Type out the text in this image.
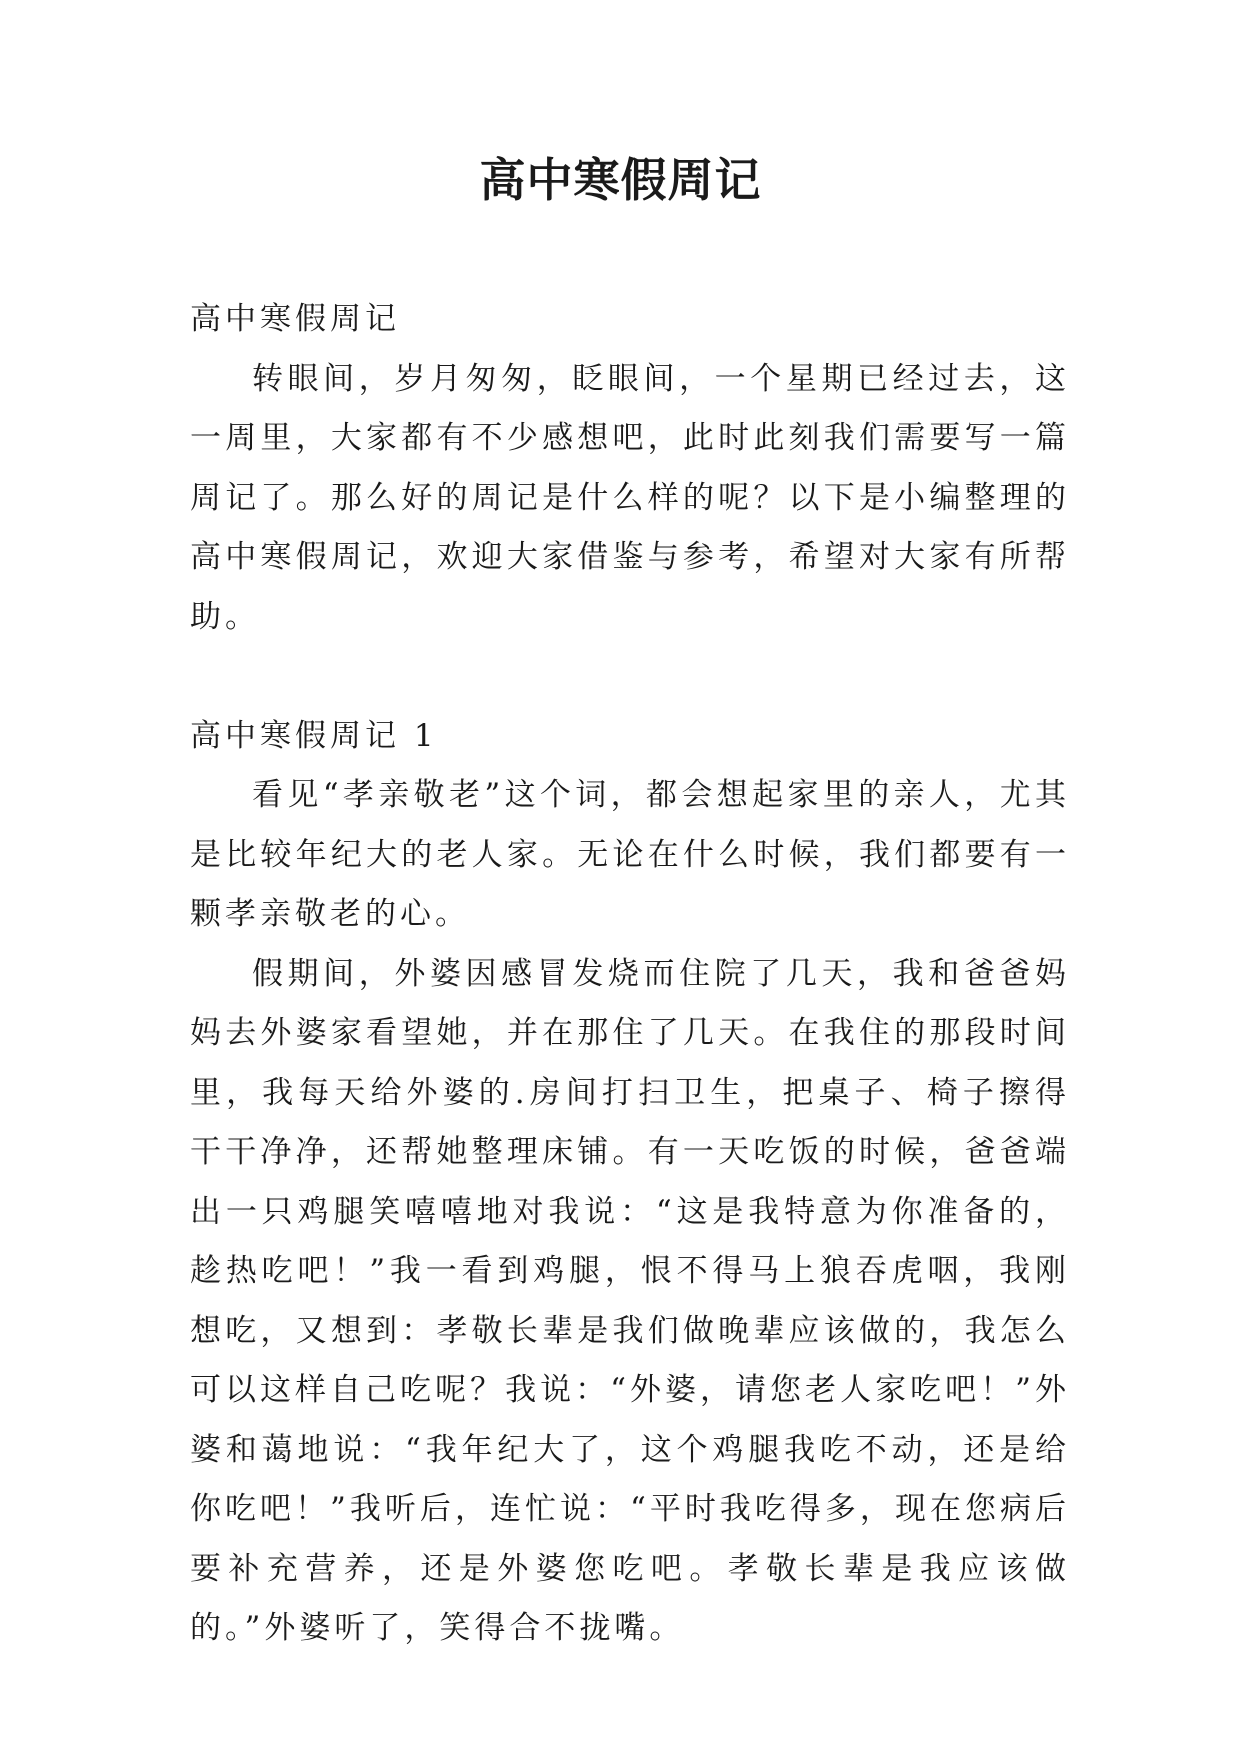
高中寒假周记

高中寒假周记

转眼间，岁月匆匆，眨眼间，一个星期已经过去，这一周里，大家都有不少感想吧，此时此刻我们需要写一篇周记了。那么好的周记是什么样的呢？以下是小编整理的高中寒假周记，欢迎大家借鉴与参考，希望对大家有所帮助。

高中寒假周记 1

看见“孝亲敬老”这个词，都会想起家里的亲人，尤其是比较年纪大的老人家。无论在什么时候，我们都要有一颗孝亲敬老的心。

假期间，外婆因感冒发烧而住院了几天，我和爸爸妈妈去外婆家看望她，并在那住了几天。在我住的那段时间里，我每天给外婆的.房间打扫卫生，把桌子、椅子擦得干干净净，还帮她整理床铺。有一天吃饭的时候，爸爸端出一只鸡腿笑嘻嘻地对我说：“这是我特意为你准备的，趁热吃吧！”我一看到鸡腿，恨不得马上狼吞虎咽，我刚想吃，又想到：孝敬长辈是我们做晚辈应该做的，我怎么可以这样自己吃呢？我说：“外婆，请您老人家吃吧！”外婆和蔼地说：“我年纪大了，这个鸡腿我吃不动，还是给你吃吧！”我听后，连忙说：“平时我吃得多，现在您病后要补充营养，还是外婆您吃吧。孝敬长辈是我应该做的。”外婆听了，笑得合不拢嘴。
